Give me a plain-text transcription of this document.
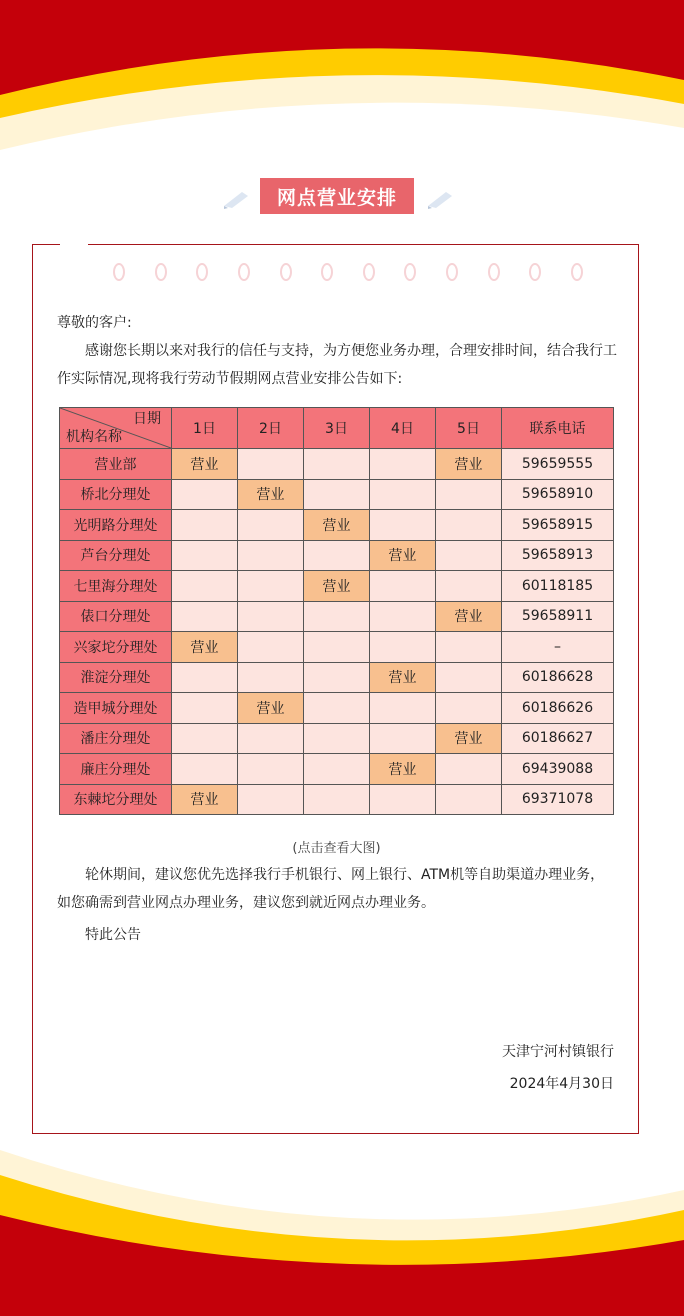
网点营业安排
尊敬的客户:
感谢您长期以来对我行的信任与支持，为方便您业务办理，合理安排时间，结合我行工作实际情况,现将我行劳动节假期网点营业安排公告如下:
日期
机构名称	1日	2日	3日	4日	5日	联系电话
营业部	营业				营业	59659555
桥北分理处		营业				59658910
光明路分理处			营业			59658915
芦台分理处				营业		59658913
七里海分理处			营业			60118185
俵口分理处					营业	59658911
兴家坨分理处	营业					–
淮淀分理处				营业		60186628
造甲城分理处		营业				60186626
潘庄分理处					营业	60186627
廉庄分理处				营业		69439088
东棘坨分理处	营业					69371078
(点击查看大图)
轮休期间，建议您优先选择我行手机银行、网上银行、ATM机等自助渠道办理业务，如您确需到营业网点办理业务，建议您到就近网点办理业务。
特此公告
天津宁河村镇银行
2024年4月30日
